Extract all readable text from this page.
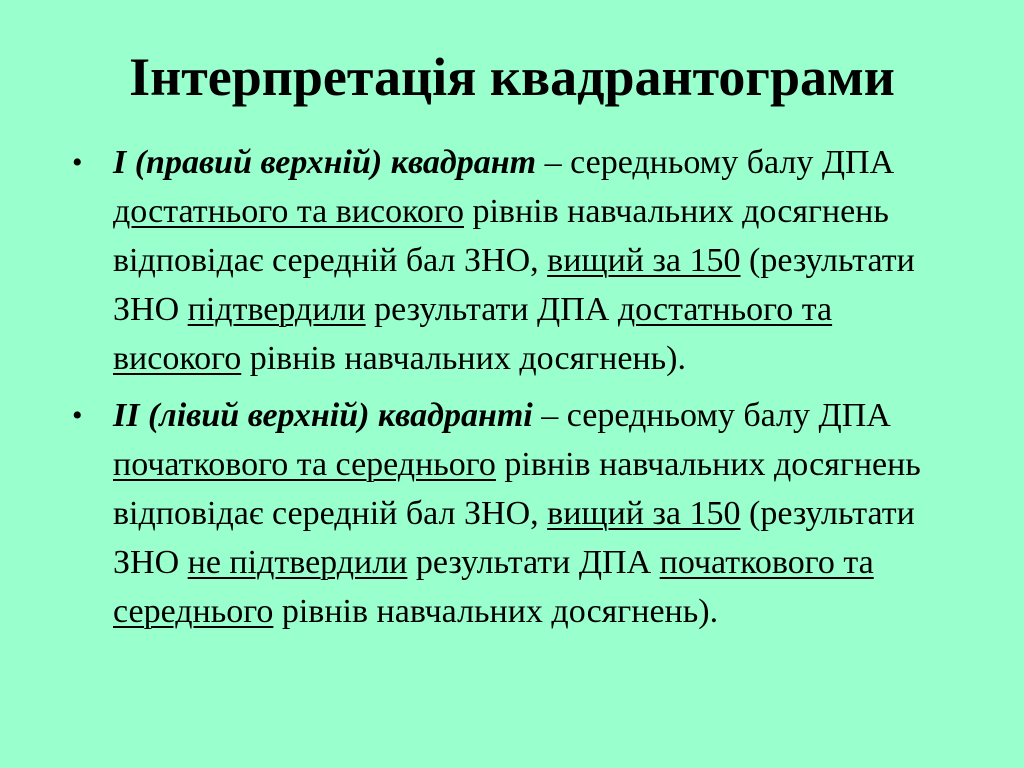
Інтерпретація квадрантограми
• I (правий верхній) квадрант – середньому балу ДПА достатнього та високого рівнів навчальних досягнень відповідає середній бал ЗНО, вищий за 150 (результати ЗНО підтвердили результати ДПА достатнього та високого рівнів навчальних досягнень).
• II (лівий верхній) квадранті – середньому балу ДПА початкового та середнього рівнів навчальних досягнень відповідає середній бал ЗНО, вищий за 150 (результати ЗНО не підтвердили результати ДПА початкового та середнього рівнів навчальних досягнень).
